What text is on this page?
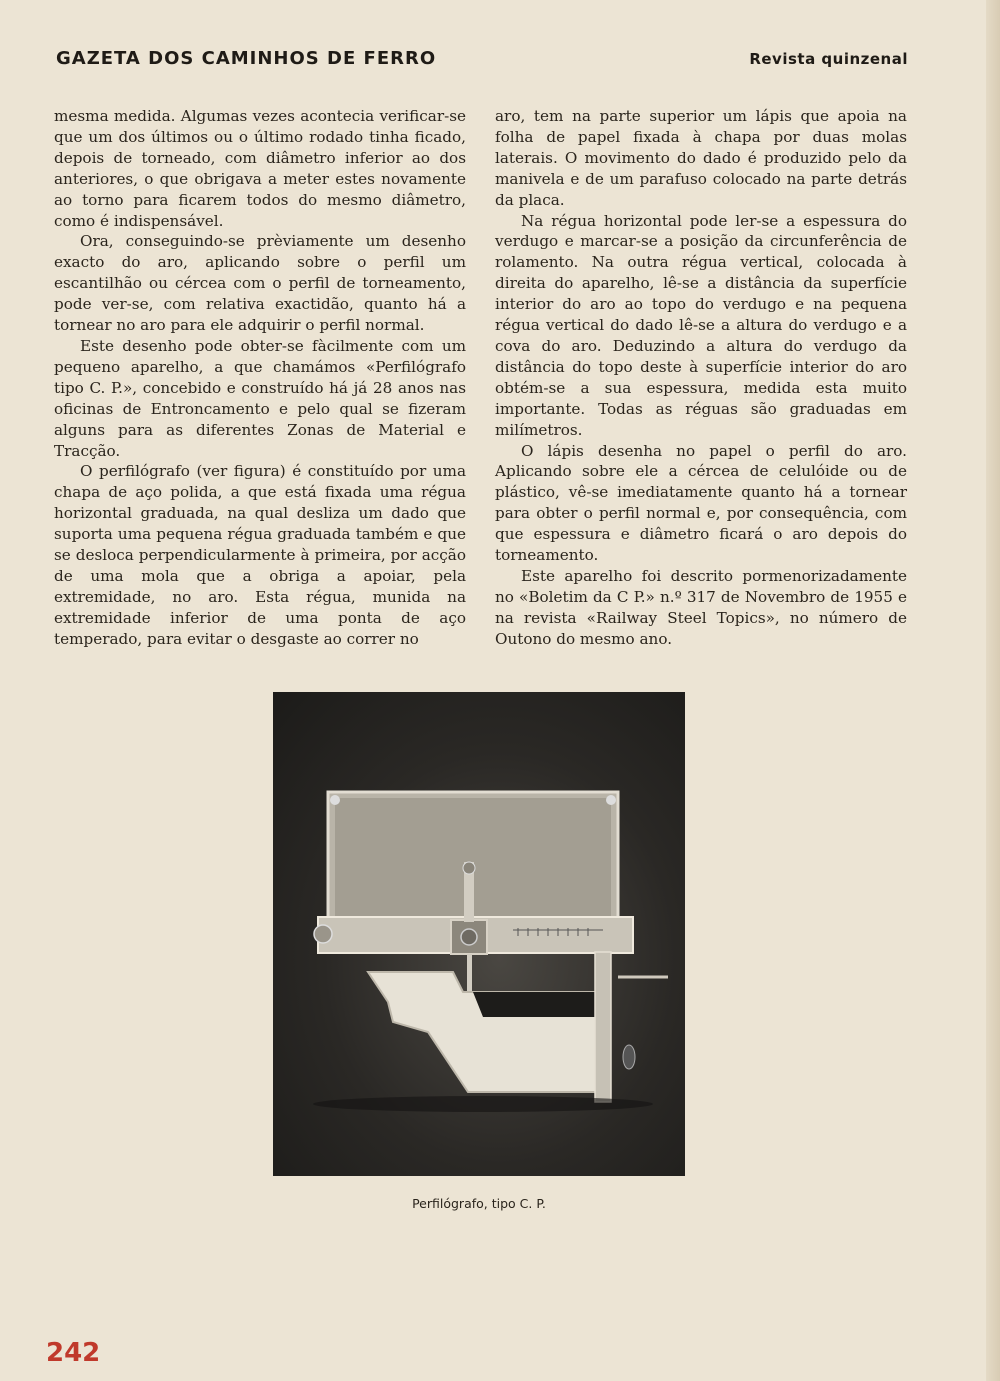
GAZETA DOS CAMINHOS DE FERRO	Revista quinzenal

mesma medida. Algumas vezes acontecia verificar-se que um dos últimos ou o último rodado tinha ficado, depois de torneado, com diâmetro inferior ao dos anteriores, o que obrigava a meter estes novamente ao torno para ficarem todos do mesmo diâmetro, como é indispensável.

Ora, conseguindo-se prèviamente um desenho exacto do aro, aplicando sobre o perfil um escantilhão ou cércea com o perfil de torneamento, pode ver-se, com relativa exactidão, quanto há a tornear no aro para ele adquirir o perfil normal.

Este desenho pode obter-se fàcilmente com um pequeno aparelho, a que chamámos «Perfilógrafo tipo C. P.», concebido e construído há já 28 anos nas oficinas de Entroncamento e pelo qual se fizeram alguns para as diferentes Zonas de Material e Tracção.

O perfilógrafo (ver figura) é constituído por uma chapa de aço polida, a que está fixada uma régua horizontal graduada, na qual desliza um dado que suporta uma pequena régua graduada também e que se desloca perpendicularmente à primeira, por acção de uma mola que a obriga a apoiar, pela extremidade, no aro. Esta régua, munida na extremidade inferior de uma ponta de aço temperado, para evitar o desgaste ao correr no

aro, tem na parte superior um lápis que apoia na folha de papel fixada à chapa por duas molas laterais. O movimento do dado é produzido pelo da manivela e de um parafuso colocado na parte detrás da placa.

Na régua horizontal pode ler-se a espessura do verdugo e marcar-se a posição da circunferência de rolamento. Na outra régua vertical, colocada à direita do aparelho, lê-se a distância da superfície interior do aro ao topo do verdugo e na pequena régua vertical do dado lê-se a altura do verdugo e a cova do aro. Deduzindo a altura do verdugo da distância do topo deste à superfície interior do aro obtém-se a sua espessura, medida esta muito importante. Todas as réguas são graduadas em milímetros.

O lápis desenha no papel o perfil do aro. Aplicando sobre ele a cércea de celulóide ou de plástico, vê-se imediatamente quanto há a tornear para obter o perfil normal e, por consequência, com que espessura e diâmetro ficará o aro depois do torneamento.

Este aparelho foi descrito pormenorizadamente no «Boletim da C P.» n.º 317 de Novembro de 1955 e na revista «Railway Steel Topics», no número de Outono do mesmo ano.

Perfilógrafo, tipo C. P.
242
